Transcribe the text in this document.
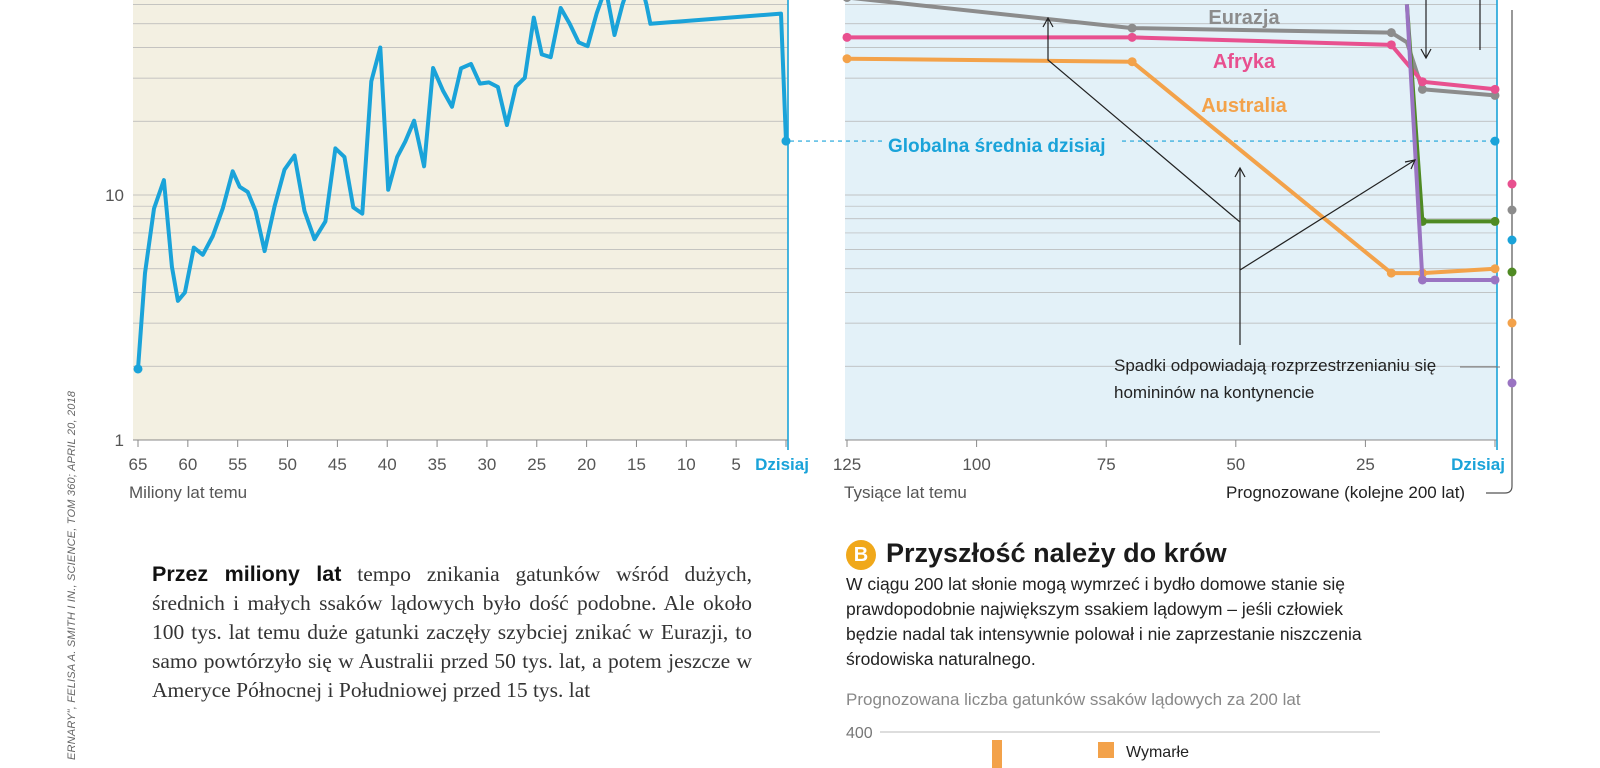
65 60 55 50 45 40 35 30 25 20 15 10 5 Dzisiaj 125	100	75	50	25	Dzisiaj
1
10
Eurazja
Afryka
Australia
Miliony lat temu	Tysiące lat temu
Globalna średnia dzisiaj
Spadki odpowiadają rozprzestrzenianiu się homininów na kontynencie
Prognozowane (kolejne 200 lat)
400
Wymarłe
ERNARY", FELISA A. SMITH I IN., SCIENCE, TOM 360; APRIL 20, 2018	Przez miliony lat tempo znikania gatunków wśród dużych, średnich i małych ssaków lądowych było dość podobne. Ale około 100 tys. lat temu duże gatunki zaczęły szybciej znikać w Eurazji, to samo powtórzyło się w Australii przed 50 tys. lat, a potem jeszcze w Ameryce Północnej i Południowej przed 15 tys. lat
B Przyszłość należy do krów
W ciągu 200 lat słonie mogą wymrzeć i bydło domowe stanie się prawdopodobnie największym ssakiem lądowym – jeśli człowiek będzie nadal tak intensywnie polował i nie zaprzestanie niszczenia środowiska naturalnego.
Prognozowana liczba gatunków ssaków lądowych za 200 lat
